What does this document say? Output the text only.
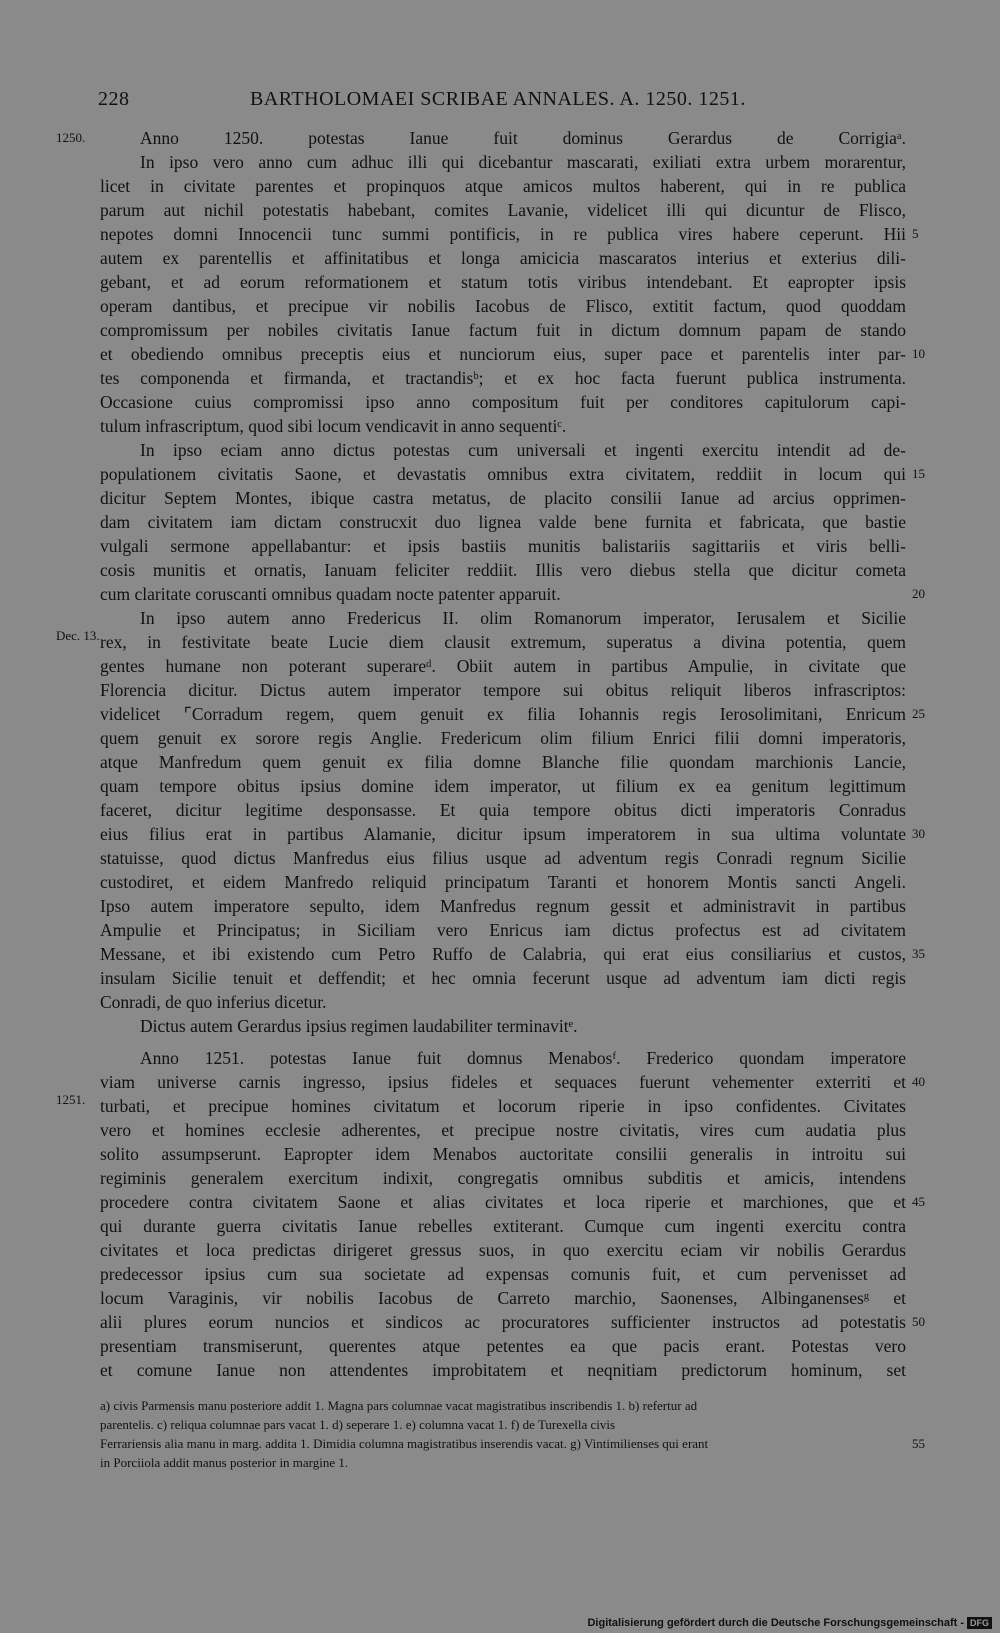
228	BARTHOLOMAEI SCRIBAE ANNALES. A. 1250. 1251.
1250.
Dec. 13.
1251.
Anno 1250. potestas Ianue fuit dominus Gerardus de Corrigiaᵃ.
In ipso vero anno cum adhuc illi qui dicebantur mascarati, exiliati extra urbem morarentur,
licet in civitate parentes et propinquos atque amicos multos haberent, qui in re publica
parum aut nichil potestatis habebant, comites Lavanie, videlicet illi qui dicuntur de Flisco,
nepotes domni Innocencii tunc summi pontificis, in re publica vires habere ceperunt. Hii
autem ex parentellis et affinitatibus et longa amicicia mascaratos interius et exterius dili-
gebant, et ad eorum reformationem et statum totis viribus intendebant. Et eapropter ipsis
operam dantibus, et precipue vir nobilis Iacobus de Flisco, extitit factum, quod quoddam
compromissum per nobiles civitatis Ianue factum fuit in dictum domnum papam de stando
et obediendo omnibus preceptis eius et nunciorum eius, super pace et parentelis inter par-
tes componenda et firmanda, et tractandisᵇ; et ex hoc facta fuerunt publica instrumenta.
Occasione cuius compromissi ipso anno compositum fuit per conditores capitulorum capi-
tulum infrascriptum, quod sibi locum vendicavit in anno sequentiᶜ.
In ipso eciam anno dictus potestas cum universali et ingenti exercitu intendit ad de-
populationem civitatis Saone, et devastatis omnibus extra civitatem, reddiit in locum qui
dicitur Septem Montes, ibique castra metatus, de placito consilii Ianue ad arcius opprimen-
dam civitatem iam dictam construcxit duo lignea valde bene furnita et fabricata, que bastie
vulgali sermone appellabantur: et ipsis bastiis munitis balistariis sagittariis et viris belli-
cosis munitis et ornatis, Ianuam feliciter reddiit. Illis vero diebus stella que dicitur cometa
cum claritate coruscanti omnibus quadam nocte patenter apparuit.
In ipso autem anno Fredericus II. olim Romanorum imperator, Ierusalem et Sicilie
rex, in festivitate beate Lucie diem clausit extremum, superatus a divina potentia, quem
gentes humane non poterant superareᵈ. Obiit autem in partibus Ampulie, in civitate que
Florencia dicitur. Dictus autem imperator tempore sui obitus reliquit liberos infrascriptos:
videlicet ⌜Corradum regem, quem genuit ex filia Iohannis regis Ierosolimitani, Enricum
quem genuit ex sorore regis Anglie. Fredericum olim filium Enrici filii domni imperatoris,
atque Manfredum quem genuit ex filia domne Blanche filie quondam marchionis Lancie,
quam tempore obitus ipsius domine idem imperator, ut filium ex ea genitum legittimum
faceret, dicitur legitime desponsasse. Et quia tempore obitus dicti imperatoris Conradus
eius filius erat in partibus Alamanie, dicitur ipsum imperatorem in sua ultima voluntate
statuisse, quod dictus Manfredus eius filius usque ad adventum regis Conradi regnum Sicilie
custodiret, et eidem Manfredo reliquid principatum Taranti et honorem Montis sancti Angeli.
Ipso autem imperatore sepulto, idem Manfredus regnum gessit et administravit in partibus
Ampulie et Principatus; in Siciliam vero Enricus iam dictus profectus est ad civitatem
Messane, et ibi existendo cum Petro Ruffo de Calabria, qui erat eius consiliarius et custos,
insulam Sicilie tenuit et deffendit; et hec omnia fecerunt usque ad adventum iam dicti regis
Conradi, de quo inferius dicetur.
Dictus autem Gerardus ipsius regimen laudabiliter terminavitᵉ.
Anno 1251. potestas Ianue fuit domnus Menabosᶠ. Frederico quondam imperatore
viam universe carnis ingresso, ipsius fideles et sequaces fuerunt vehementer exterriti et
turbati, et precipue homines civitatum et locorum riperie in ipso confidentes. Civitates
vero et homines ecclesie adherentes, et precipue nostre civitatis, vires cum audatia plus
solito assumpserunt. Eapropter idem Menabos auctoritate consilii generalis in introitu sui
regiminis generalem exercitum indixit, congregatis omnibus subditis et amicis, intendens
procedere contra civitatem Saone et alias civitates et loca riperie et marchiones, que et
qui durante guerra civitatis Ianue rebelles extiterant. Cumque cum ingenti exercitu contra
civitates et loca predictas dirigeret gressus suos, in quo exercitu eciam vir nobilis Gerardus
predecessor ipsius cum sua societate ad expensas comunis fuit, et cum pervenisset ad
locum Varaginis, vir nobilis Iacobus de Carreto marchio, Saonenses, Albinganensesᵍ et
alii plures eorum nuncios et sindicos ac procuratores sufficienter instructos ad potestatis
presentiam transmiserunt, querentes atque petentes ea que pacis erant. Potestas vero
et comune Ianue non attendentes improbitatem et neqnitiam predictorum hominum, set
5
10
15
20
25
30
35
40
45
50
55
a) civis Parmensis manu posteriore addit 1. Magna pars columnae vacat magistratibus inscribendis 1. b) refertur ad
parentelis. c) reliqua columnae pars vacat 1. d) seperare 1. e) columna vacat 1. f) de Turexella civis
Ferrariensis alia manu in marg. addita 1. Dimidia columna magistratibus inserendis vacat. g) Vintimilienses qui erant
in Porciiola addit manus posterior in margine 1.
Digitalisierung gefördert durch die Deutsche Forschungsgemeinschaft - DFG
